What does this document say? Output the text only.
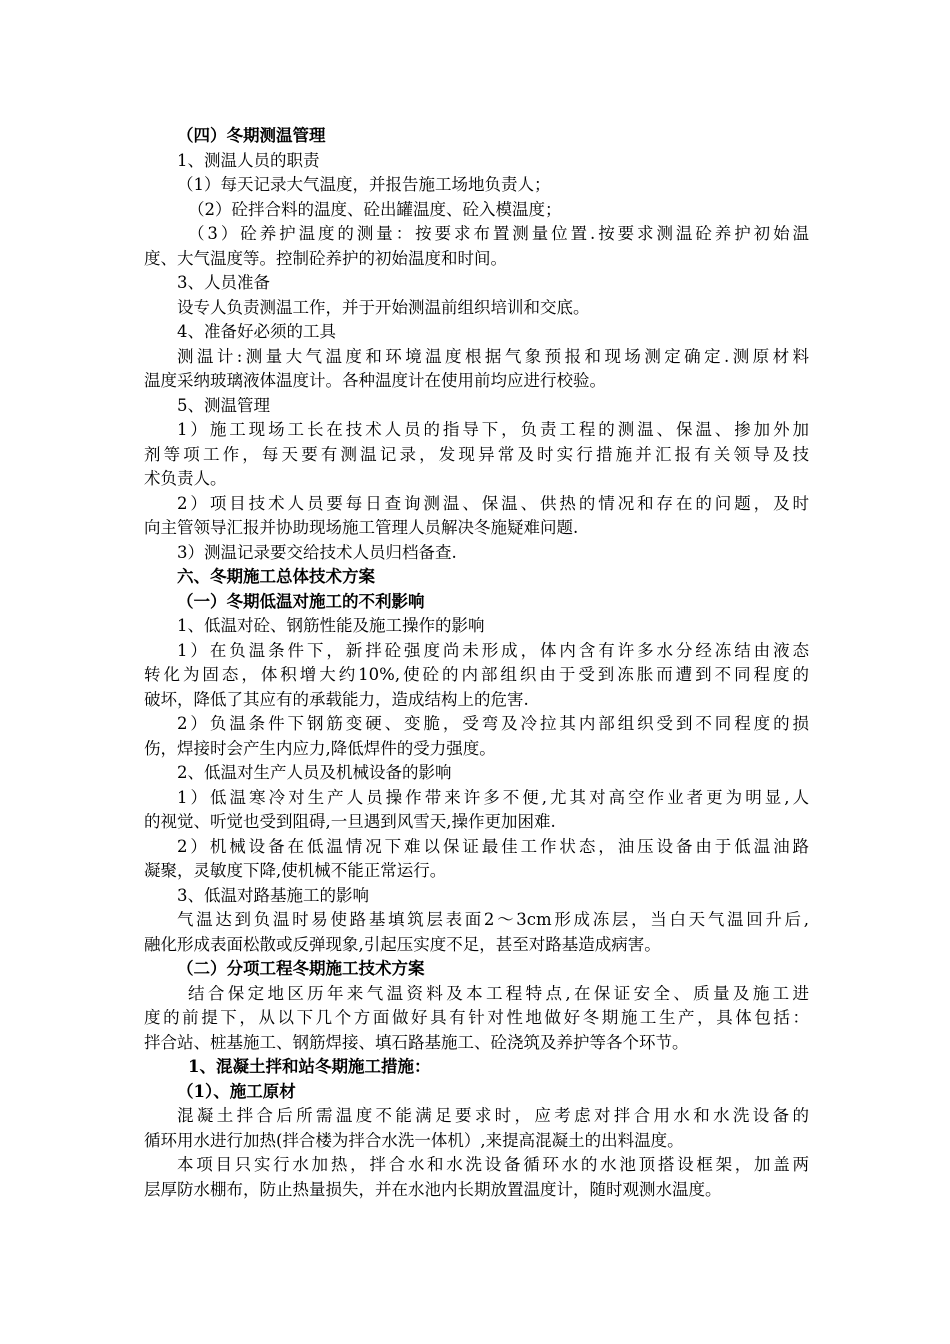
（四）冬期测温管理
1、测温人员的职责
（1）每天记录大气温度，并报告施工场地负责人；
（2）砼拌合料的温度、砼出罐温度、砼入模温度；
（3）砼养护温度的测量：按要求布置测量位置.按要求测温砼养护初始温
度、大气温度等。控制砼养护的初始温度和时间。
3、人员准备
设专人负责测温工作，并于开始测温前组织培训和交底。
4、准备好必须的工具
测温计:测量大气温度和环境温度根据气象预报和现场测定确定.测原材料
温度采纳玻璃液体温度计。各种温度计在使用前均应进行校验。
5、测温管理
1）施工现场工长在技术人员的指导下，负责工程的测温、保温、掺加外加
剂等项工作，每天要有测温记录，发现异常及时实行措施并汇报有关领导及技
术负责人。
2）项目技术人员要每日查询测温、保温、供热的情况和存在的问题，及时
向主管领导汇报并协助现场施工管理人员解决冬施疑难问题.
3）测温记录要交给技术人员归档备查.
六、冬期施工总体技术方案
（一）冬期低温对施工的不利影响
1、低温对砼、钢筋性能及施工操作的影响
1）在负温条件下，新拌砼强度尚未形成，体内含有许多水分经冻结由液态
转化为固态，体积增大约10%,使砼的内部组织由于受到冻胀而遭到不同程度的
破坏，降低了其应有的承载能力，造成结构上的危害.
2）负温条件下钢筋变硬、变脆，受弯及冷拉其内部组织受到不同程度的损
伤，焊接时会产生内应力,降低焊件的受力强度。
2、低温对生产人员及机械设备的影响
1）低温寒冷对生产人员操作带来许多不便,尤其对高空作业者更为明显,人
的视觉、听觉也受到阻碍,一旦遇到风雪天,操作更加困难.
2）机械设备在低温情况下难以保证最佳工作状态，油压设备由于低温油路
凝聚，灵敏度下降,使机械不能正常运行。
3、低温对路基施工的影响
气温达到负温时易使路基填筑层表面2～3cm形成冻层，当白天气温回升后,
融化形成表面松散或反弹现象,引起压实度不足，甚至对路基造成病害。
（二）分项工程冬期施工技术方案
结合保定地区历年来气温资料及本工程特点,在保证安全、质量及施工进
度的前提下，从以下几个方面做好具有针对性地做好冬期施工生产，具体包括：
拌合站、桩基施工、钢筋焊接、填石路基施工、砼浇筑及养护等各个环节。
1、混凝土拌和站冬期施工措施：
（1）、施工原材
混凝土拌合后所需温度不能满足要求时，应考虑对拌合用水和水洗设备的
循环用水进行加热(拌合楼为拌合水洗一体机）,来提高混凝土的出料温度。
本项目只实行水加热，拌合水和水洗设备循环水的水池顶搭设框架，加盖两
层厚防水棚布，防止热量损失，并在水池内长期放置温度计，随时观测水温度。
